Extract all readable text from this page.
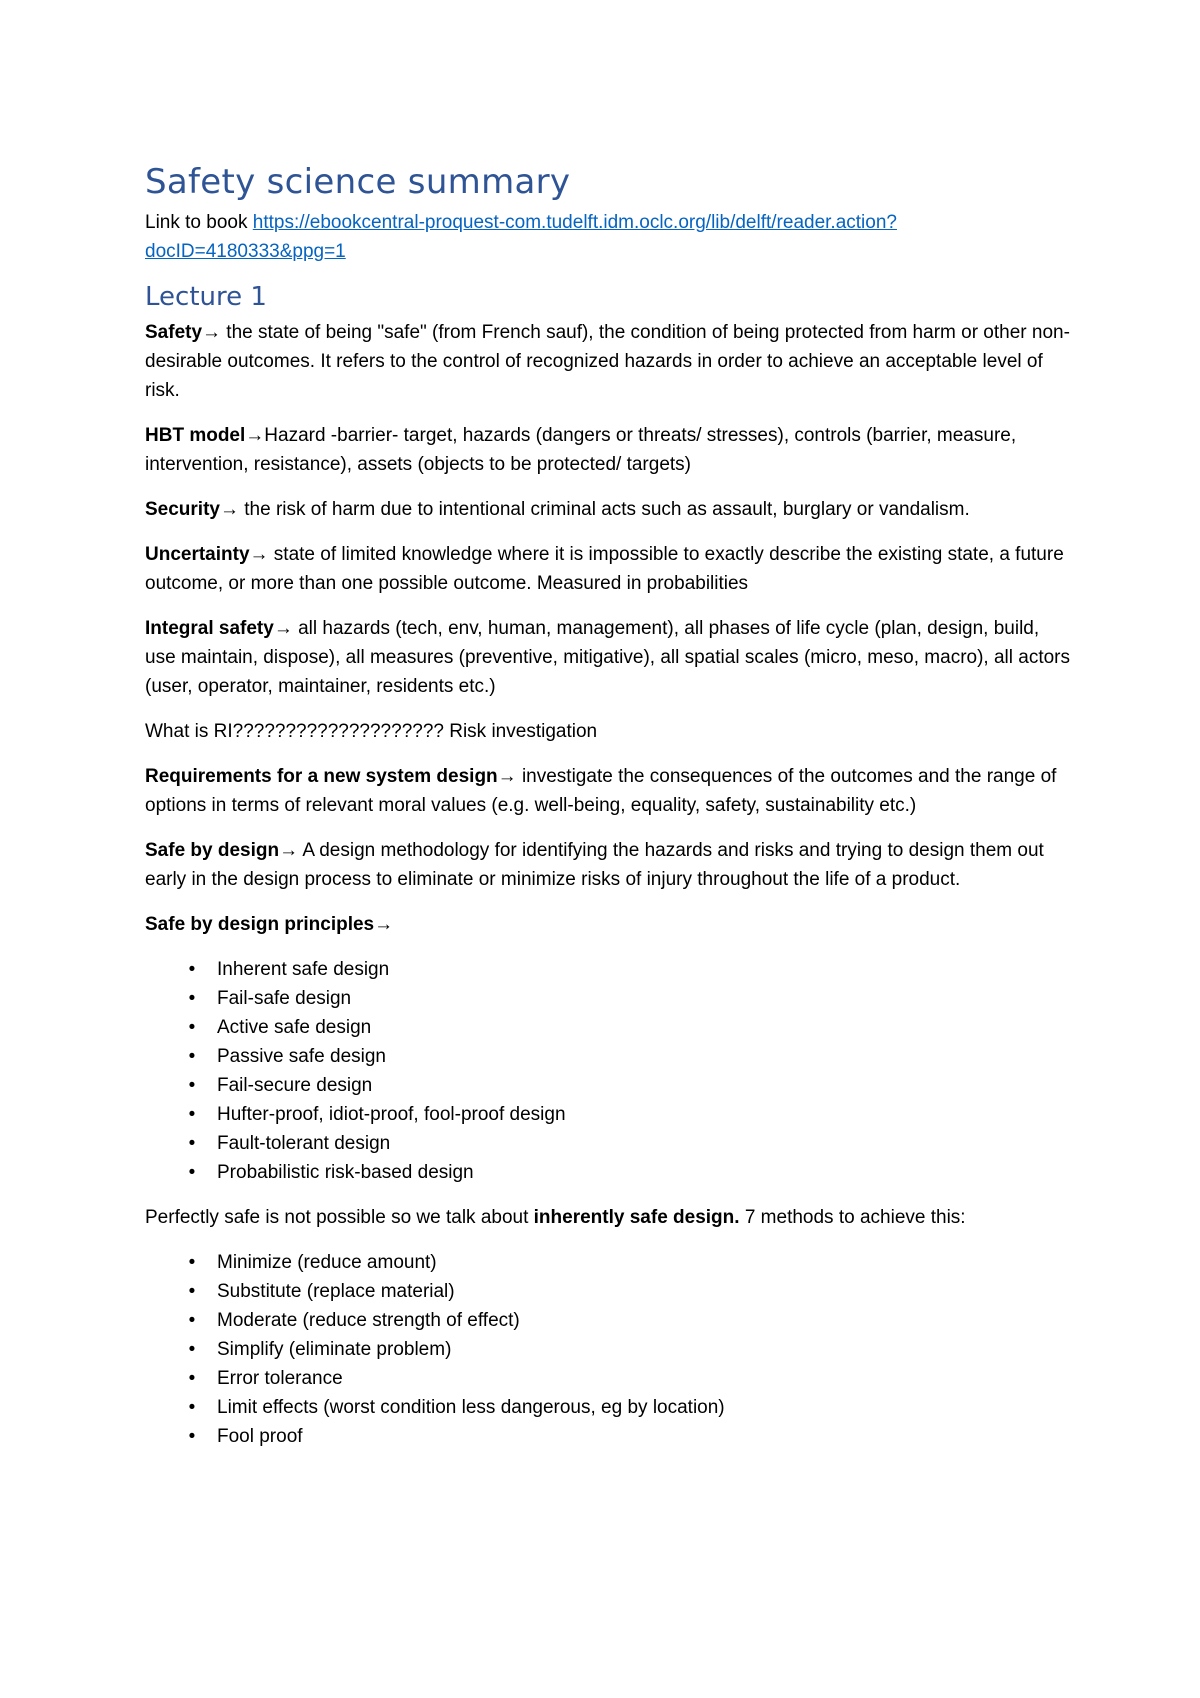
Safety science summary

Link to book https://ebookcentral-proquest-com.tudelft.idm.oclc.org/lib/delft/reader.action?
docID=4180333&ppg=1

Lecture 1

Safety→ the state of being "safe" (from French sauf), the condition of being protected from harm or other non-desirable outcomes. It refers to the control of recognized hazards in order to achieve an acceptable level of risk.

HBT model→Hazard -barrier- target, hazards (dangers or threats/ stresses), controls (barrier, measure, intervention, resistance), assets (objects to be protected/ targets)

Security→ the risk of harm due to intentional criminal acts such as assault, burglary or vandalism.

Uncertainty→ state of limited knowledge where it is impossible to exactly describe the existing state, a future outcome, or more than one possible outcome. Measured in probabilities

Integral safety→ all hazards (tech, env, human, management), all phases of life cycle (plan, design, build, use maintain, dispose), all measures (preventive, mitigative), all spatial scales (micro, meso, macro), all actors (user, operator, maintainer, residents etc.)

What is RI???????????????????? Risk investigation

Requirements for a new system design→ investigate the consequences of the outcomes and the range of options in terms of relevant moral values (e.g. well-being, equality, safety, sustainability etc.)

Safe by design→ A design methodology for identifying the hazards and risks and trying to design them out early in the design process to eliminate or minimize risks of injury throughout the life of a product.

Safe by design principles→

• Inherent safe design
• Fail-safe design
• Active safe design
• Passive safe design
• Fail-secure design
• Hufter-proof, idiot-proof, fool-proof design
• Fault-tolerant design
• Probabilistic risk-based design

Perfectly safe is not possible so we talk about inherently safe design. 7 methods to achieve this:

• Minimize (reduce amount)
• Substitute (replace material)
• Moderate (reduce strength of effect)
• Simplify (eliminate problem)
• Error tolerance
• Limit effects (worst condition less dangerous, eg by location)
• Fool proof
